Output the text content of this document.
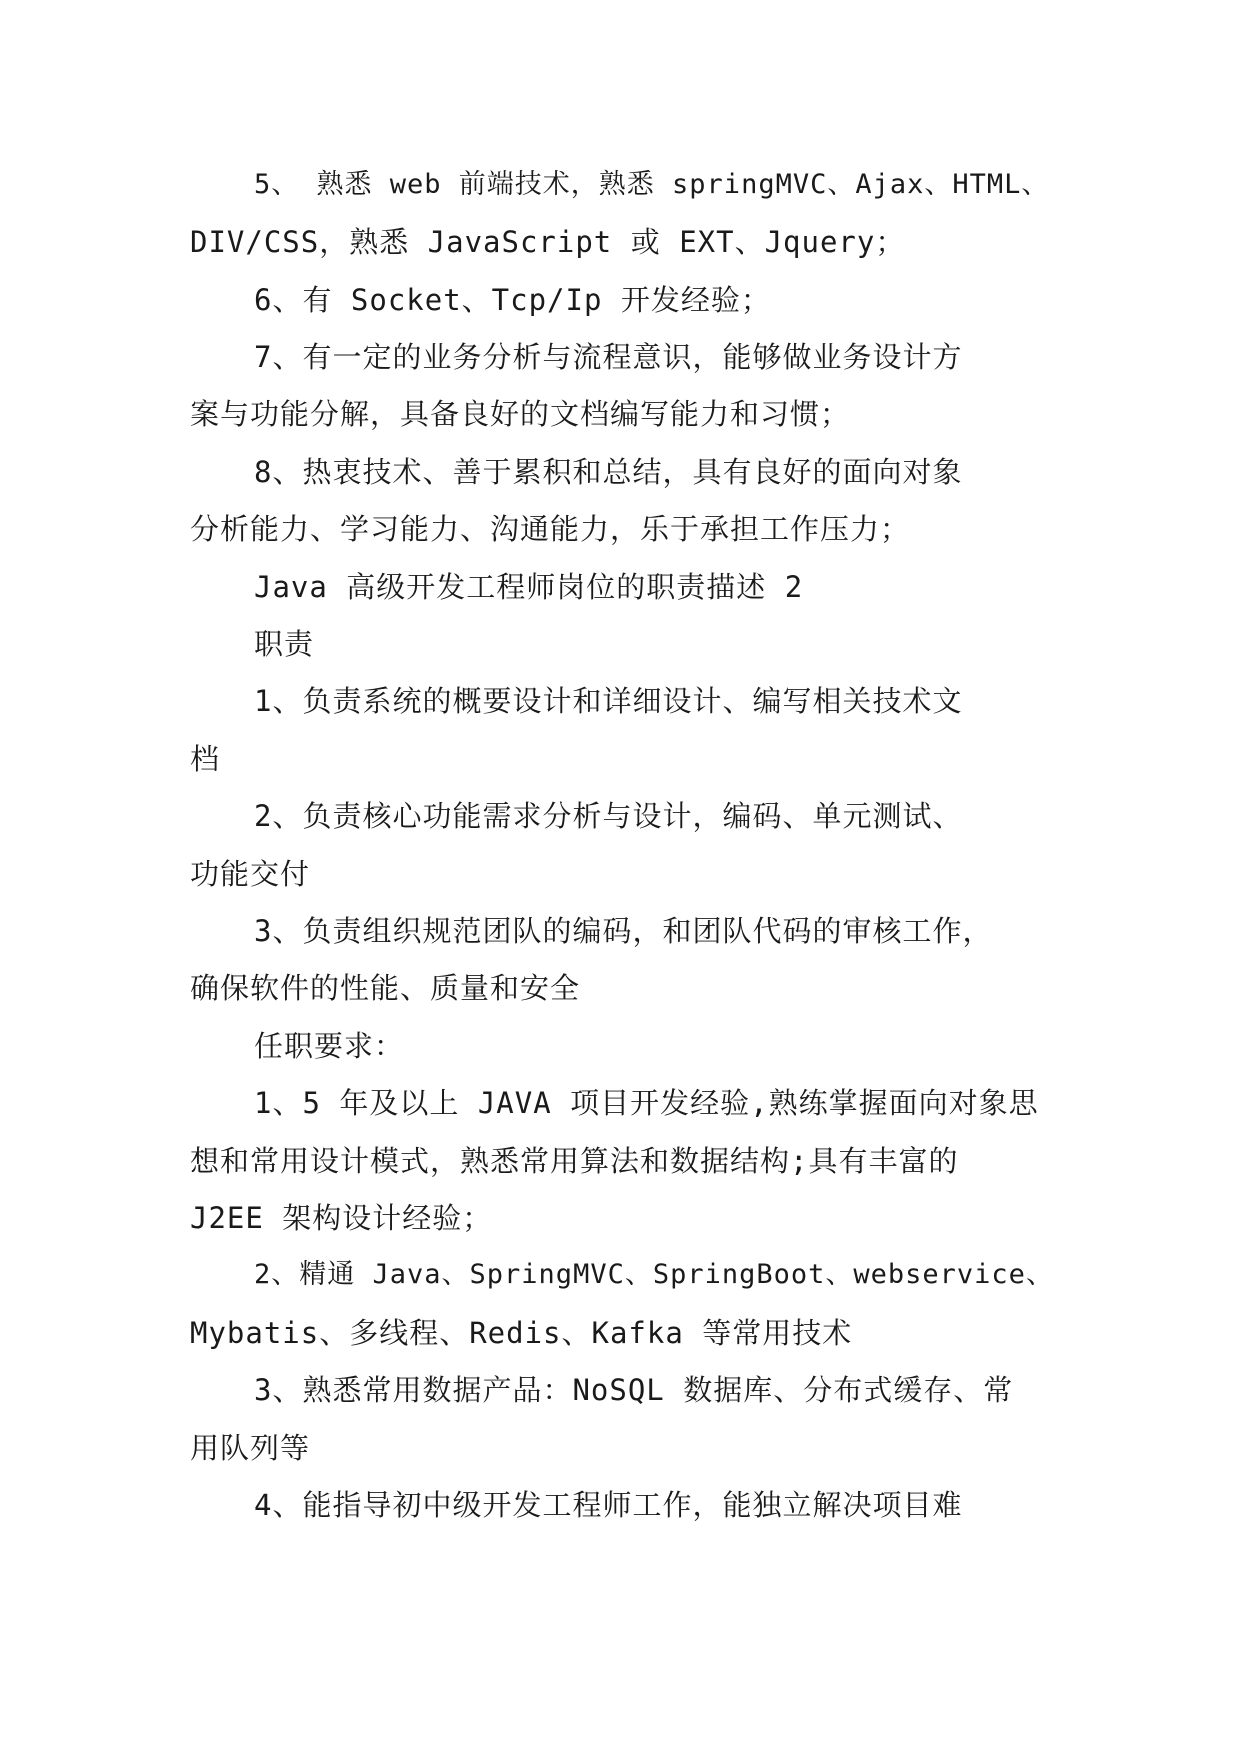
5、 熟悉 web 前端技术，熟悉 springMVC、Ajax、HTML、
DIV/CSS，熟悉 JavaScript 或 EXT、Jquery；
6、有 Socket、Tcp/Ip 开发经验；
7、有一定的业务分析与流程意识，能够做业务设计方
案与功能分解，具备良好的文档编写能力和习惯；
8、热衷技术、善于累积和总结，具有良好的面向对象
分析能力、学习能力、沟通能力，乐于承担工作压力；
Java 高级开发工程师岗位的职责描述 2
职责
1、负责系统的概要设计和详细设计、编写相关技术文
档
2、负责核心功能需求分析与设计，编码、单元测试、
功能交付
3、负责组织规范团队的编码，和团队代码的审核工作，
确保软件的性能、质量和安全
任职要求：
1、5 年及以上 JAVA 项目开发经验,熟练掌握面向对象思
想和常用设计模式，熟悉常用算法和数据结构;具有丰富的
J2EE 架构设计经验；
2、精通 Java、SpringMVC、SpringBoot、webservice、
Mybatis、多线程、Redis、Kafka 等常用技术
3、熟悉常用数据产品：NoSQL 数据库、分布式缓存、常
用队列等
4、能指导初中级开发工程师工作，能独立解决项目难
